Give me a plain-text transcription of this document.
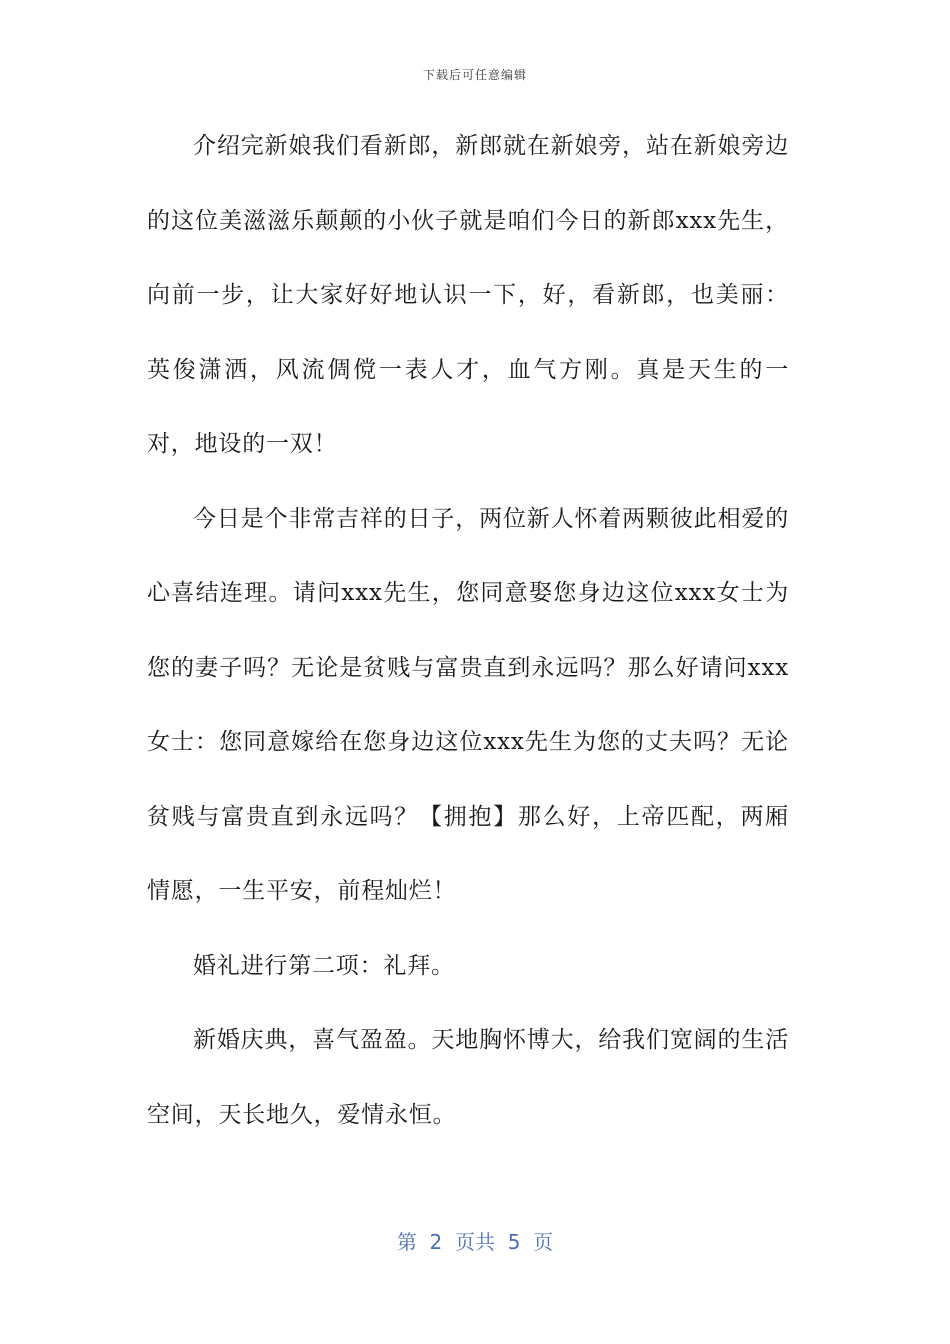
下载后可任意编辑

介绍完新娘我们看新郎，新郎就在新娘旁，站在新娘旁边的这位美滋滋乐颠颠的小伙子就是咱们今日的新郎xxx先生，向前一步，让大家好好地认识一下，好，看新郎，也美丽：英俊潇洒，风流倜傥一表人才，血气方刚。真是天生的一对，地设的一双！

今日是个非常吉祥的日子，两位新人怀着两颗彼此相爱的心喜结连理。请问xxx先生，您同意娶您身边这位xxx女士为您的妻子吗？无论是贫贱与富贵直到永远吗？那么好请问xxx女士：您同意嫁给在您身边这位xxx先生为您的丈夫吗？无论贫贱与富贵直到永远吗？【拥抱】那么好，上帝匹配，两厢情愿，一生平安，前程灿烂！

婚礼进行第二项：礼拜。

新婚庆典，喜气盈盈。天地胸怀博大，给我们宽阔的生活空间，天长地久，爱情永恒。

第  2  页共  5  页
